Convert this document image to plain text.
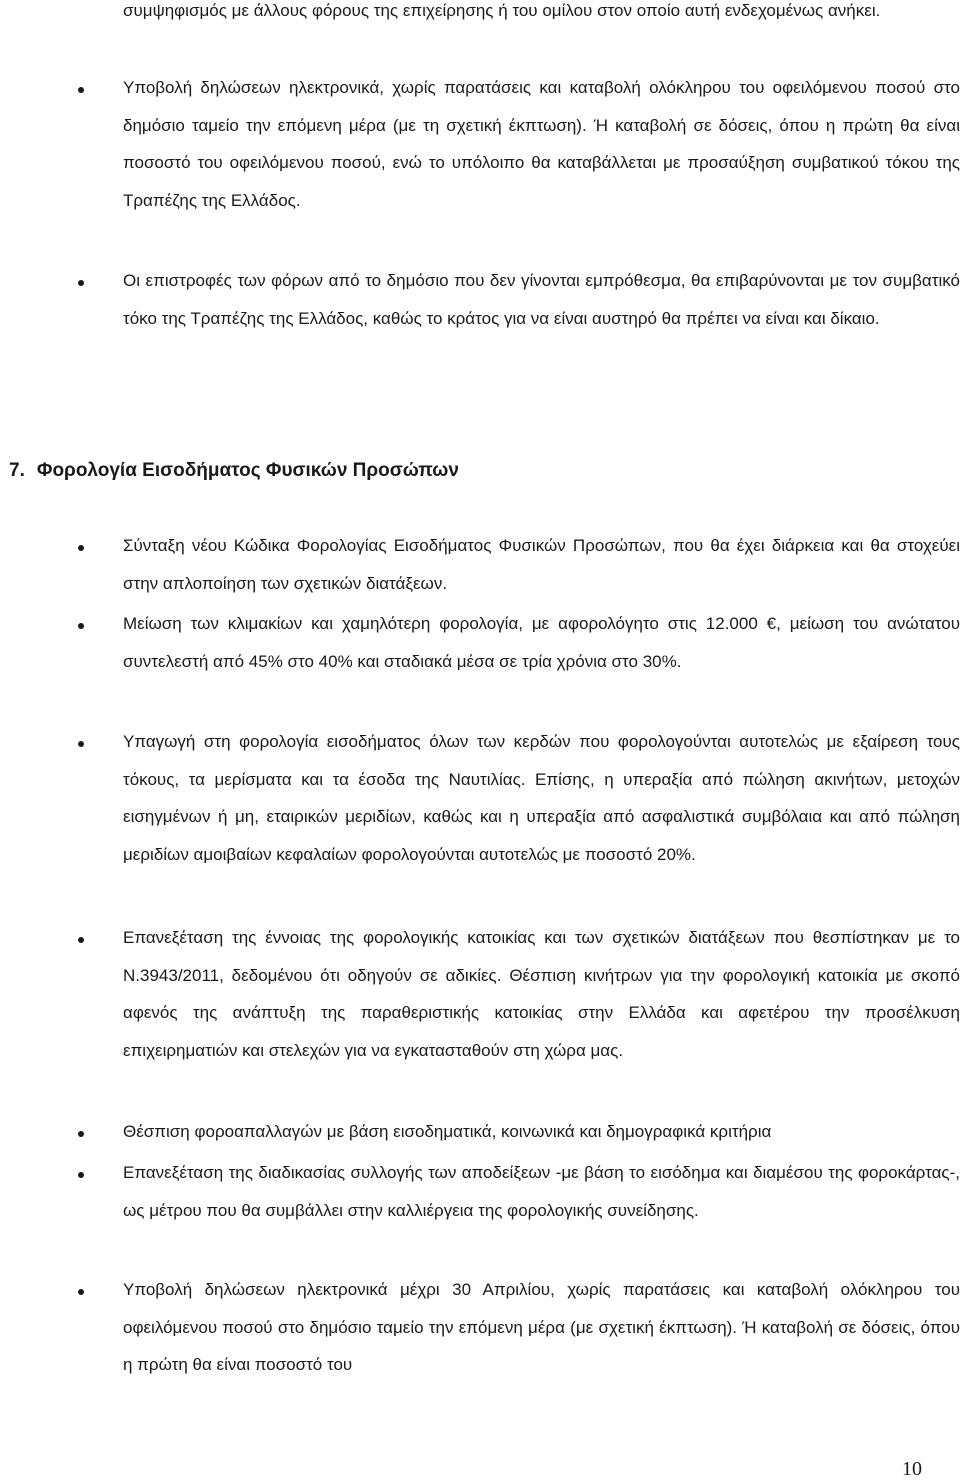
συμψηφισμός με άλλους φόρους της επιχείρησης ή του ομίλου στον οποίο αυτή ενδεχομένως ανήκει.

Υποβολή δηλώσεων ηλεκτρονικά, χωρίς παρατάσεις και καταβολή ολόκληρου του οφειλόμενου ποσού στο δημόσιο ταμείο την επόμενη μέρα (με τη σχετική έκπτωση). Ή καταβολή σε δόσεις, όπου η πρώτη θα είναι ποσοστό του οφειλόμενου ποσού, ενώ το υπόλοιπο θα καταβάλλεται με προσαύξηση συμβατικού τόκου της Τραπέζης της Ελλάδος.

Οι επιστροφές των φόρων από το δημόσιο που δεν γίνονται εμπρόθεσμα, θα επιβαρύνονται με τον συμβατικό τόκο της Τραπέζης της Ελλάδος, καθώς το κράτος για να είναι αυστηρό θα πρέπει να είναι και δίκαιο.

7. Φορολογία Εισοδήματος Φυσικών Προσώπων

Σύνταξη νέου Κώδικα Φορολογίας Εισοδήματος Φυσικών Προσώπων, που θα έχει διάρκεια και θα στοχεύει στην απλοποίηση των σχετικών διατάξεων.

Μείωση των κλιμακίων και χαμηλότερη φορολογία, με αφορολόγητο στις 12.000 €, μείωση του ανώτατου συντελεστή από 45% στο 40% και σταδιακά μέσα σε τρία χρόνια στο 30%.

Υπαγωγή στη φορολογία εισοδήματος όλων των κερδών που φορολογούνται αυτοτελώς με εξαίρεση τους τόκους, τα μερίσματα και τα έσοδα της Ναυτιλίας. Επίσης, η υπεραξία από πώληση ακινήτων, μετοχών εισηγμένων ή μη, εταιρικών μεριδίων, καθώς και η υπεραξία από ασφαλιστικά συμβόλαια και από πώληση μεριδίων αμοιβαίων κεφαλαίων φορολογούνται αυτοτελώς με ποσοστό 20%.

Επανεξέταση της έννοιας της φορολογικής κατοικίας και των σχετικών διατάξεων που θεσπίστηκαν με το Ν.3943/2011, δεδομένου ότι οδηγούν σε αδικίες. Θέσπιση κινήτρων για την φορολογική κατοικία με σκοπό αφενός της ανάπτυξη της παραθεριστικής κατοικίας στην Ελλάδα και αφετέρου την προσέλκυση επιχειρηματιών και στελεχών για να εγκατασταθούν στη χώρα μας.

Θέσπιση φοροαπαλλαγών με βάση εισοδηματικά, κοινωνικά και δημογραφικά κριτήρια

Επανεξέταση της διαδικασίας συλλογής των αποδείξεων -με βάση το εισόδημα και διαμέσου της φοροκάρτας-, ως μέτρου που θα συμβάλλει στην καλλιέργεια της φορολογικής συνείδησης.

Υποβολή δηλώσεων ηλεκτρονικά μέχρι 30 Απριλίου, χωρίς παρατάσεις και καταβολή ολόκληρου του οφειλόμενου ποσού στο δημόσιο ταμείο την επόμενη μέρα (με σχετική έκπτωση). Ή καταβολή σε δόσεις, όπου η πρώτη θα είναι ποσοστό του

10
